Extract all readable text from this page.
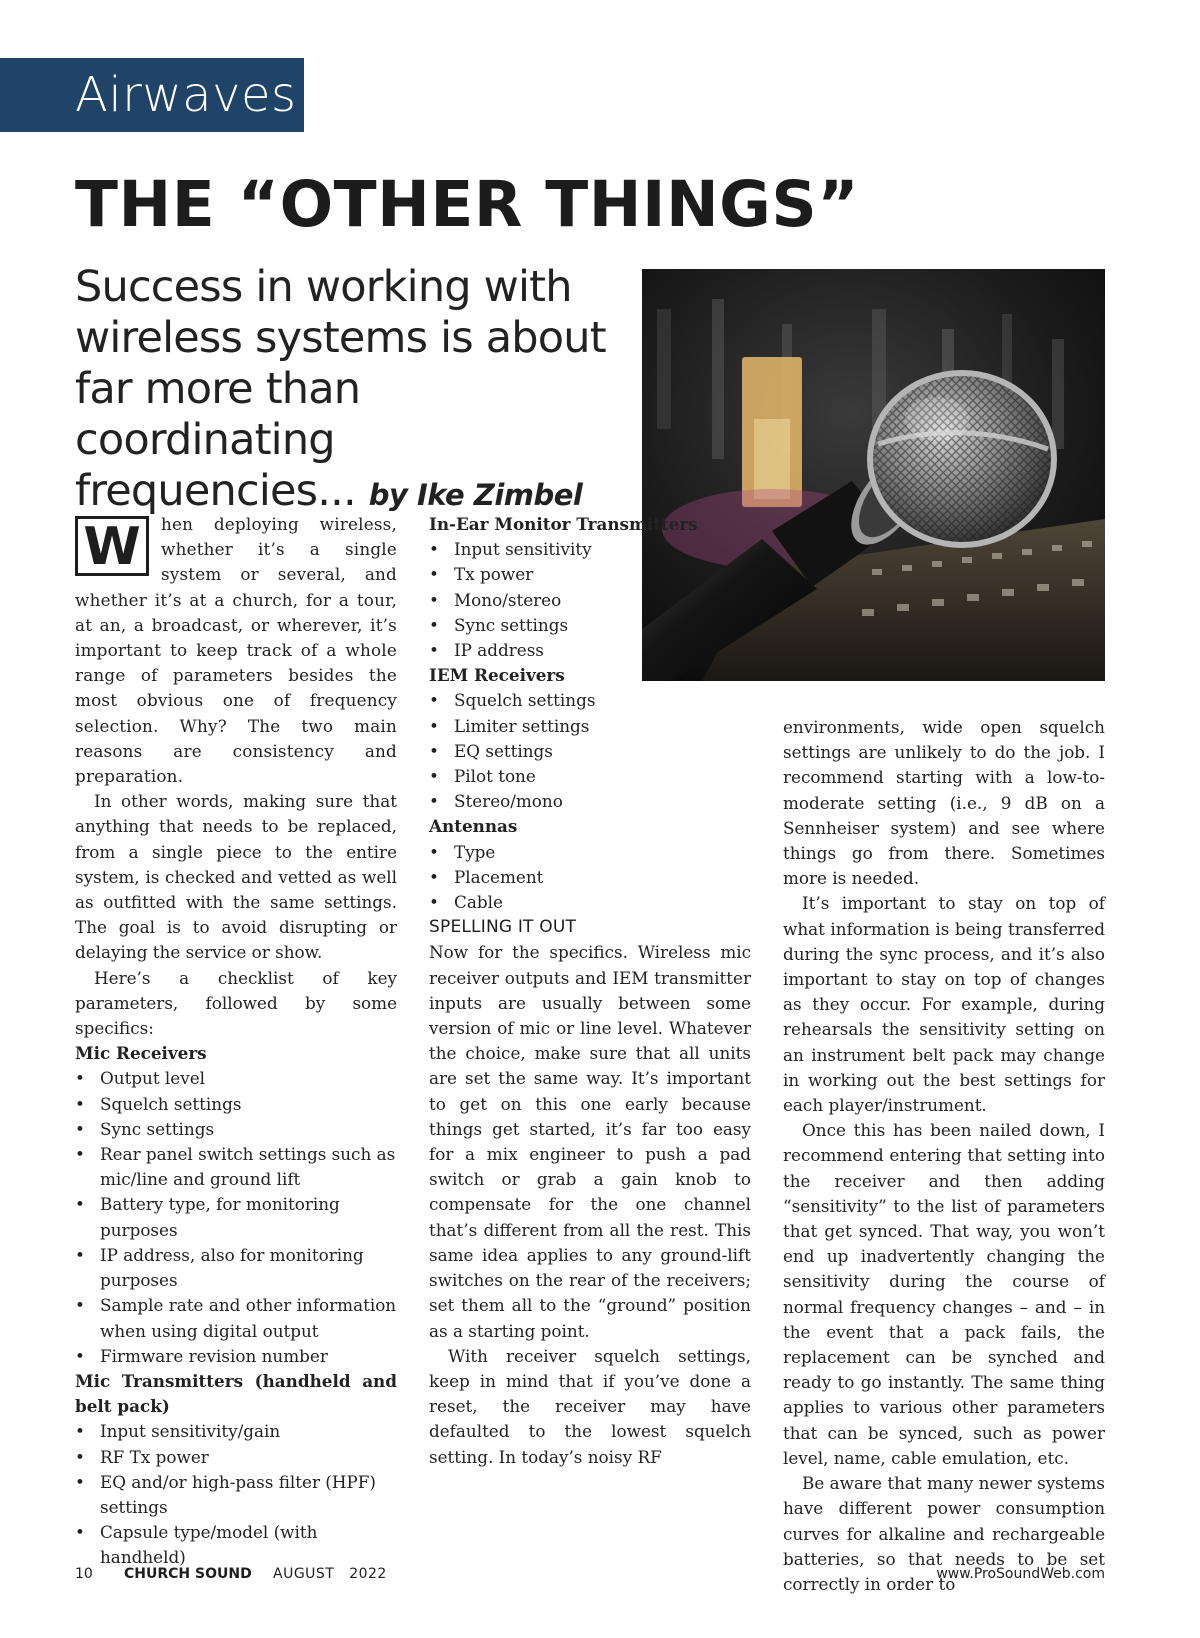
Airwaves
THE “OTHER THINGS”

Success in working with wireless systems is about far more than coordinating frequencies... by Ike Zimbel

W	hen deploying wireless, whether it’s a single system or several, and whether it’s at a church, for a tour, at an, a broadcast, or wherever, it’s important to keep track of a whole range of parameters besides the most obvious one of frequency selection. Why? The two main reasons are consistency and preparation.

In other words, making sure that anything that needs to be replaced, from a single piece to the entire system, is checked and vetted as well as outfitted with the same settings. The goal is to avoid disrupting or delaying the service or show.

Here’s a checklist of key parameters, followed by some specifics:

Mic Receivers

• Output level
• Squelch settings
• Sync settings
• Rear panel switch settings such as mic/line and ground lift
• Battery type, for monitoring purposes
• IP address, also for monitoring purposes
• Sample rate and other information when using digital output
• Firmware revision number

Mic Transmitters (handheld and belt pack)

• Input sensitivity/gain
• RF Tx power
• EQ and/or high-pass filter (HPF) settings
• Capsule type/model (with handheld)

In-Ear Monitor Transmitters

• Input sensitivity
• Tx power
• Mono/stereo
• Sync settings
• IP address

IEM Receivers

• Squelch settings
• Limiter settings
• EQ settings
• Pilot tone
• Stereo/mono

Antennas

• Type
• Placement
• Cable

SPELLING IT OUT

Now for the specifics. Wireless mic receiver outputs and IEM transmitter inputs are usually between some version of mic or line level. Whatever the choice, make sure that all units are set the same way. It’s important to get on this one early because things get started, it’s far too easy for a mix engineer to push a pad switch or grab a gain knob to compensate for the one channel that’s different from all the rest. This same idea applies to any ground-lift switches on the rear of the receivers; set them all to the “ground” position as a starting point.

With receiver squelch settings, keep in mind that if you’ve done a reset, the receiver may have defaulted to the lowest squelch setting. In today’s noisy RF

environments, wide open squelch settings are unlikely to do the job. I recommend starting with a low-to-moderate setting (i.e., 9 dB on a Sennheiser system) and see where things go from there. Sometimes more is needed.

It’s important to stay on top of what information is being transferred during the sync process, and it’s also important to stay on top of changes as they occur. For example, during rehearsals the sensitivity setting on an instrument belt pack may change in working out the best settings for each player/instrument.

Once this has been nailed down, I recommend entering that setting into the receiver and then adding “sensitivity” to the list of parameters that get synced. That way, you won’t end up inadvertently changing the sensitivity during the course of normal frequency changes – and – in the event that a pack fails, the replacement can be synched and ready to go instantly. The same thing applies to various other parameters that can be synced, such as power level, name, cable emulation, etc.

Be aware that many newer systems have different power consumption curves for alkaline and rechargeable batteries, so that needs to be set correctly in order to

10 CHURCH SOUND AUGUST   2022	www.ProSoundWeb.com
